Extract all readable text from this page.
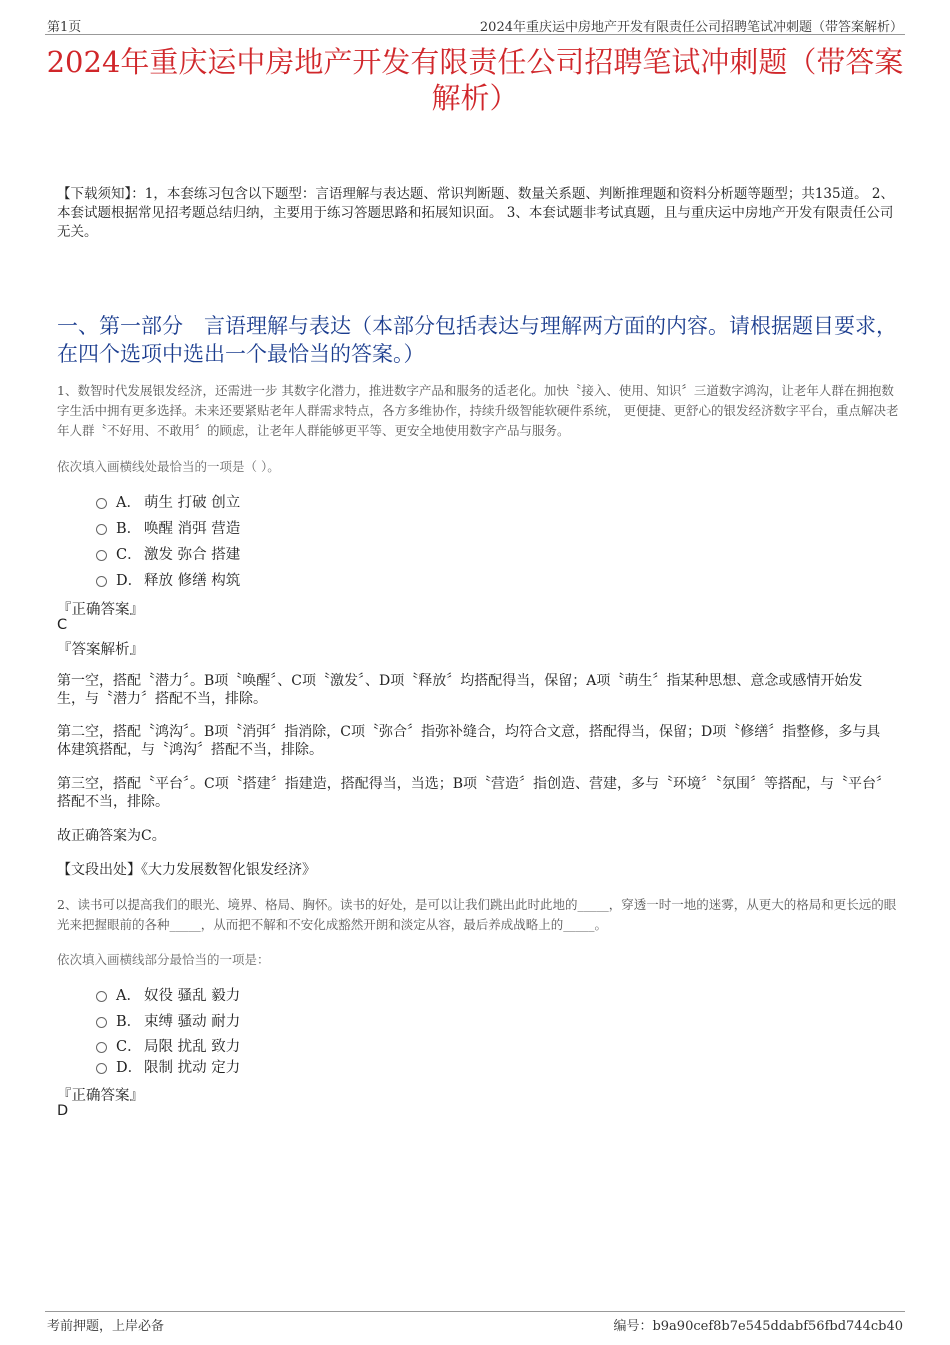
第1页	2024年重庆运中房地产开发有限责任公司招聘笔试冲刺题（带答案解析）
2024年重庆运中房地产开发有限责任公司招聘笔试冲刺题（带答案解析）
【下载须知】：1，本套练习包含以下题型：言语理解与表达题、常识判断题、数量关系题、判断推理题和资料分析题等题型；共135道。 2、本套试题根据常见招考题总结归纳，主要用于练习答题思路和拓展知识面。 3、本套试题非考试真题，且与重庆运中房地产开发有限责任公司无关。
一、第一部分　言语理解与表达（本部分包括表达与理解两方面的内容。请根据题目要求，在四个选项中选出一个最恰当的答案。）
1、数智时代发展银发经济，还需进一步 其数字化潜力，推进数字产品和服务的适老化。加快〝接入、使用、知识〞三道数字鸿沟，让老年人群在拥抱数字生活中拥有更多选择。未来还要紧贴老年人群需求特点，各方多维协作，持续升级智能软硬件系统， 更便捷、更舒心的银发经济数字平台，重点解决老年人群〝不好用、不敢用〞的顾虑，让老年人群能够更平等、更安全地使用数字产品与服务。
依次填入画横线处最恰当的一项是（ ）。
A． 萌生 打破 创立
B． 唤醒 消弭 营造
C． 激发 弥合 搭建
D． 释放 修缮 构筑
『正确答案』
C
『答案解析』
第一空，搭配〝潜力〞。B项〝唤醒〞、C项〝激发〞、D项〝释放〞均搭配得当，保留；A项〝萌生〞指某种思想、意念或感情开始发生，与〝潜力〞搭配不当，排除。
第二空，搭配〝鸿沟〞。B项〝消弭〞指消除，C项〝弥合〞指弥补缝合，均符合文意，搭配得当，保留；D项〝修缮〞指整修，多与具体建筑搭配，与〝鸿沟〞搭配不当，排除。
第三空，搭配〝平台〞。C项〝搭建〞指建造，搭配得当，当选；B项〝营造〞指创造、营建，多与〝环境〞〝氛围〞等搭配，与〝平台〞搭配不当，排除。
故正确答案为C。
【文段出处】《大力发展数智化银发经济》
2、读书可以提高我们的眼光、境界、格局、胸怀。读书的好处，是可以让我们跳出此时此地的_____，穿透一时一地的迷雾，从更大的格局和更长远的眼光来把握眼前的各种_____，从而把不解和不安化成豁然开朗和淡定从容，最后养成战略上的_____。
依次填入画横线部分最恰当的一项是：
A． 奴役 骚乱 毅力
B． 束缚 骚动 耐力
C． 局限 扰乱 致力
D． 限制 扰动 定力
『正确答案』
D
考前押题，上岸必备	编号：b9a90cef8b7e545ddabf56fbd744cb40
